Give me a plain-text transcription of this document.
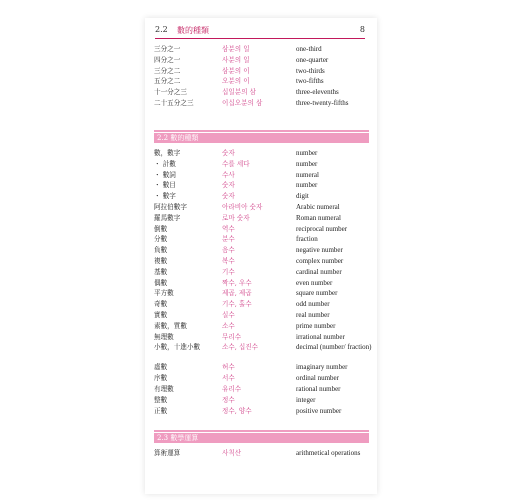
2.2 數的種類	8
三分之一	삼분의 일	one-third
四分之一	사분의 일	one-quarter
三分之二	삼분의 이	two-thirds
五分之二	오분의 이	two-fifths
十一分之三	십일분의 삼	three-elevenths
二十五分之三	이십오분의 삼	three-twenty-fifths
2.2 數的種類
數，數字	숫자	number
・ 計數	수를 세다	number
・ 數詞	수사	numeral
・ 數目	숫자	number
・ 數字	숫자	digit
阿拉伯數字	아라비아 숫자	Arabic numeral
羅馬數字	로마 숫자	Roman numeral
倒數	역수	reciprocal number
分數	분수	fraction
負數	음수	negative number
複數	복수	complex number
基數	기수	cardinal number
偶數	짝수, 우수	even number
平方數	제곱, 제곱	square number
奇數	기수, 홀수	odd number
實數	실수	real number
素數，質數	소수	prime number
無理數	무리수	irrational number
小數，十進小數	소수, 십진수	decimal (number/ fraction)
虛數	허수	imaginary number
序數	서수	ordinal number
有理數	유리수	rational number
整數	정수	integer
正數	정수, 양수	positive number
2.3 數學運算
算術運算	사칙산	arithmetical operations
